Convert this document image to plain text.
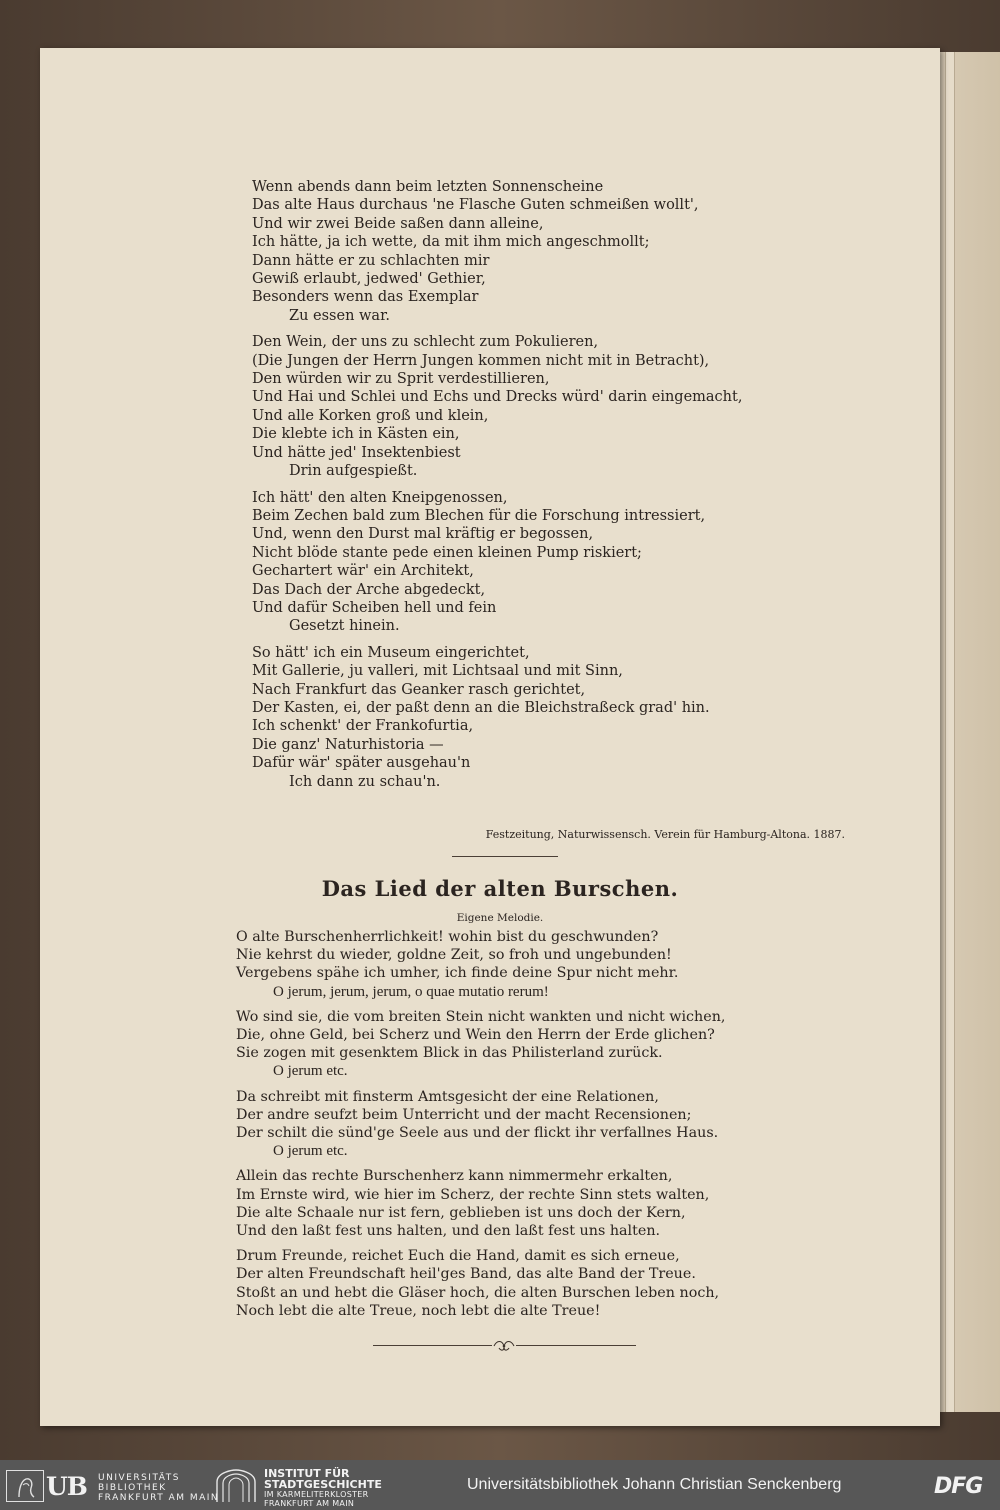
Wenn abends dann beim letzten Sonnenscheine
Das alte Haus durchaus 'ne Flasche Guten schmeißen wollt',
Und wir zwei Beide saßen dann alleine,
Ich hätte, ja ich wette, da mit ihm mich angeschmollt;
Dann hätte er zu schlachten mir
Gewiß erlaubt, jedwed' Gethier,
Besonders wenn das Exemplar
Zu essen war.
Den Wein, der uns zu schlecht zum Pokulieren,
(Die Jungen der Herrn Jungen kommen nicht mit in Betracht),
Den würden wir zu Sprit verdestillieren,
Und Hai und Schlei und Echs und Drecks würd' darin eingemacht,
Und alle Korken groß und klein,
Die klebte ich in Kästen ein,
Und hätte jed' Insektenbiest
Drin aufgespießt.
Ich hätt' den alten Kneipgenossen,
Beim Zechen bald zum Blechen für die Forschung intressiert,
Und, wenn den Durst mal kräftig er begossen,
Nicht blöde stante pede einen kleinen Pump riskiert;
Gechartert wär' ein Architekt,
Das Dach der Arche abgedeckt,
Und dafür Scheiben hell und fein
Gesetzt hinein.
So hätt' ich ein Museum eingerichtet,
Mit Gallerie, ju valleri, mit Lichtsaal und mit Sinn,
Nach Frankfurt das Geanker rasch gerichtet,
Der Kasten, ei, der paßt denn an die Bleichstraßeck grad' hin.
Ich schenkt' der Frankofurtia,
Die ganz' Naturhistoria —
Dafür wär' später ausgehau'n
Ich dann zu schau'n.
Festzeitung, Naturwissensch. Verein für Hamburg-Altona. 1887.
Das Lied der alten Burschen.
Eigene Melodie.
O alte Burschenherrlichkeit! wohin bist du geschwunden?
Nie kehrst du wieder, goldne Zeit, so froh und ungebunden!
Vergebens spähe ich umher, ich finde deine Spur nicht mehr.
O jerum, jerum, jerum, o quae mutatio rerum!
Wo sind sie, die vom breiten Stein nicht wankten und nicht wichen,
Die, ohne Geld, bei Scherz und Wein den Herrn der Erde glichen?
Sie zogen mit gesenktem Blick in das Philisterland zurück.
O jerum etc.
Da schreibt mit finsterm Amtsgesicht der eine Relationen,
Der andre seufzt beim Unterricht und der macht Recensionen;
Der schilt die sünd'ge Seele aus und der flickt ihr verfallnes Haus.
O jerum etc.
Allein das rechte Burschenherz kann nimmermehr erkalten,
Im Ernste wird, wie hier im Scherz, der rechte Sinn stets walten,
Die alte Schaale nur ist fern, geblieben ist uns doch der Kern,
Und den laßt fest uns halten, und den laßt fest uns halten.
Drum Freunde, reichet Euch die Hand, damit es sich erneue,
Der alten Freundschaft heil'ges Band, das alte Band der Treue.
Stoßt an und hebt die Gläser hoch, die alten Burschen leben noch,
Noch lebt die alte Treue, noch lebt die alte Treue!
UB UNIVERSITÄTS
BIBLIOTHEK
FRANKFURT AM MAIN
INSTITUT FÜR
STADTGESCHICHTE
IM KARMELITERKLOSTER
FRANKFURT AM MAIN
Universitätsbibliothek Johann Christian Senckenberg	DFG
